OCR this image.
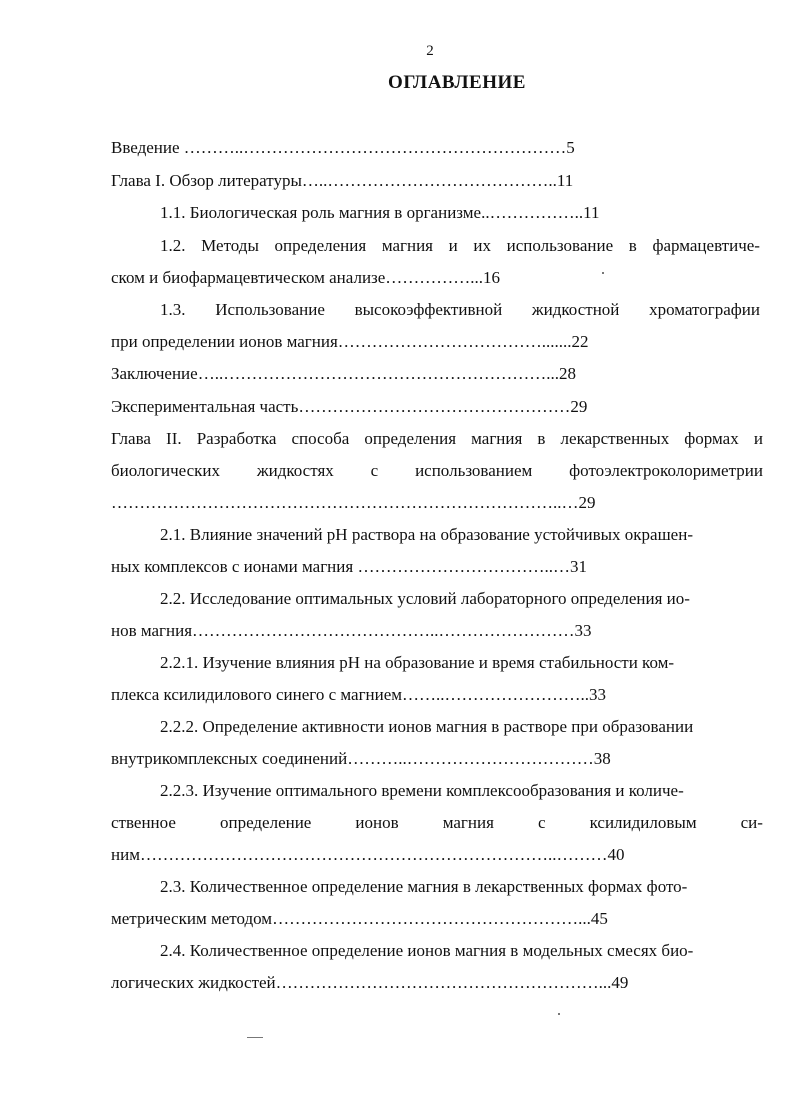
2
ОГЛАВЛЕНИЕ
Введение ………..…………………………………………………5
Глава I. Обзор литературы…..…………………………………..11
1.1. Биологическая роль магния в организме..……………..11
1.2. Методы определения магния и их использование в фармацевтиче-
ском и биофармацевтическом анализе……………...16
1.3. Использование высокоэффективной жидкостной хроматографии
при определении ионов магния……………………………….......22
Заключение…..…………………………………………………...28
Экспериментальная часть…………………………………………29
Глава II. Разработка способа определения магния в лекарственных формах и
биологических жидкостях с использованием фотоэлектроколориметрии
……………………………………………………………………..…29
2.1. Влияние значений pH раствора на образование устойчивых окрашен-
ных комплексов с ионами магния ……………………………..…31
2.2. Исследование оптимальных условий лабораторного определения ио-
нов магния……………………………………..……………………33
2.2.1. Изучение влияния pH на образование и время стабильности ком-
плекса ксилидилового синего с магнием……..……………………..33
2.2.2. Определение активности ионов магния в растворе при образовании
внутрикомплексных соединений………..……………………………38
2.2.3. Изучение оптимального времени комплексообразования и количе-
ственное	определение	ионов	магния	с	ксилидиловым	си-
ним………………………………………………………………..………40
2.3. Количественное определение магния в лекарственных формах фото-
метрическим методом………………………………………………...45
2.4. Количественное определение ионов магния в модельных смесях био-
логических жидкостей…………………………………………………...49
